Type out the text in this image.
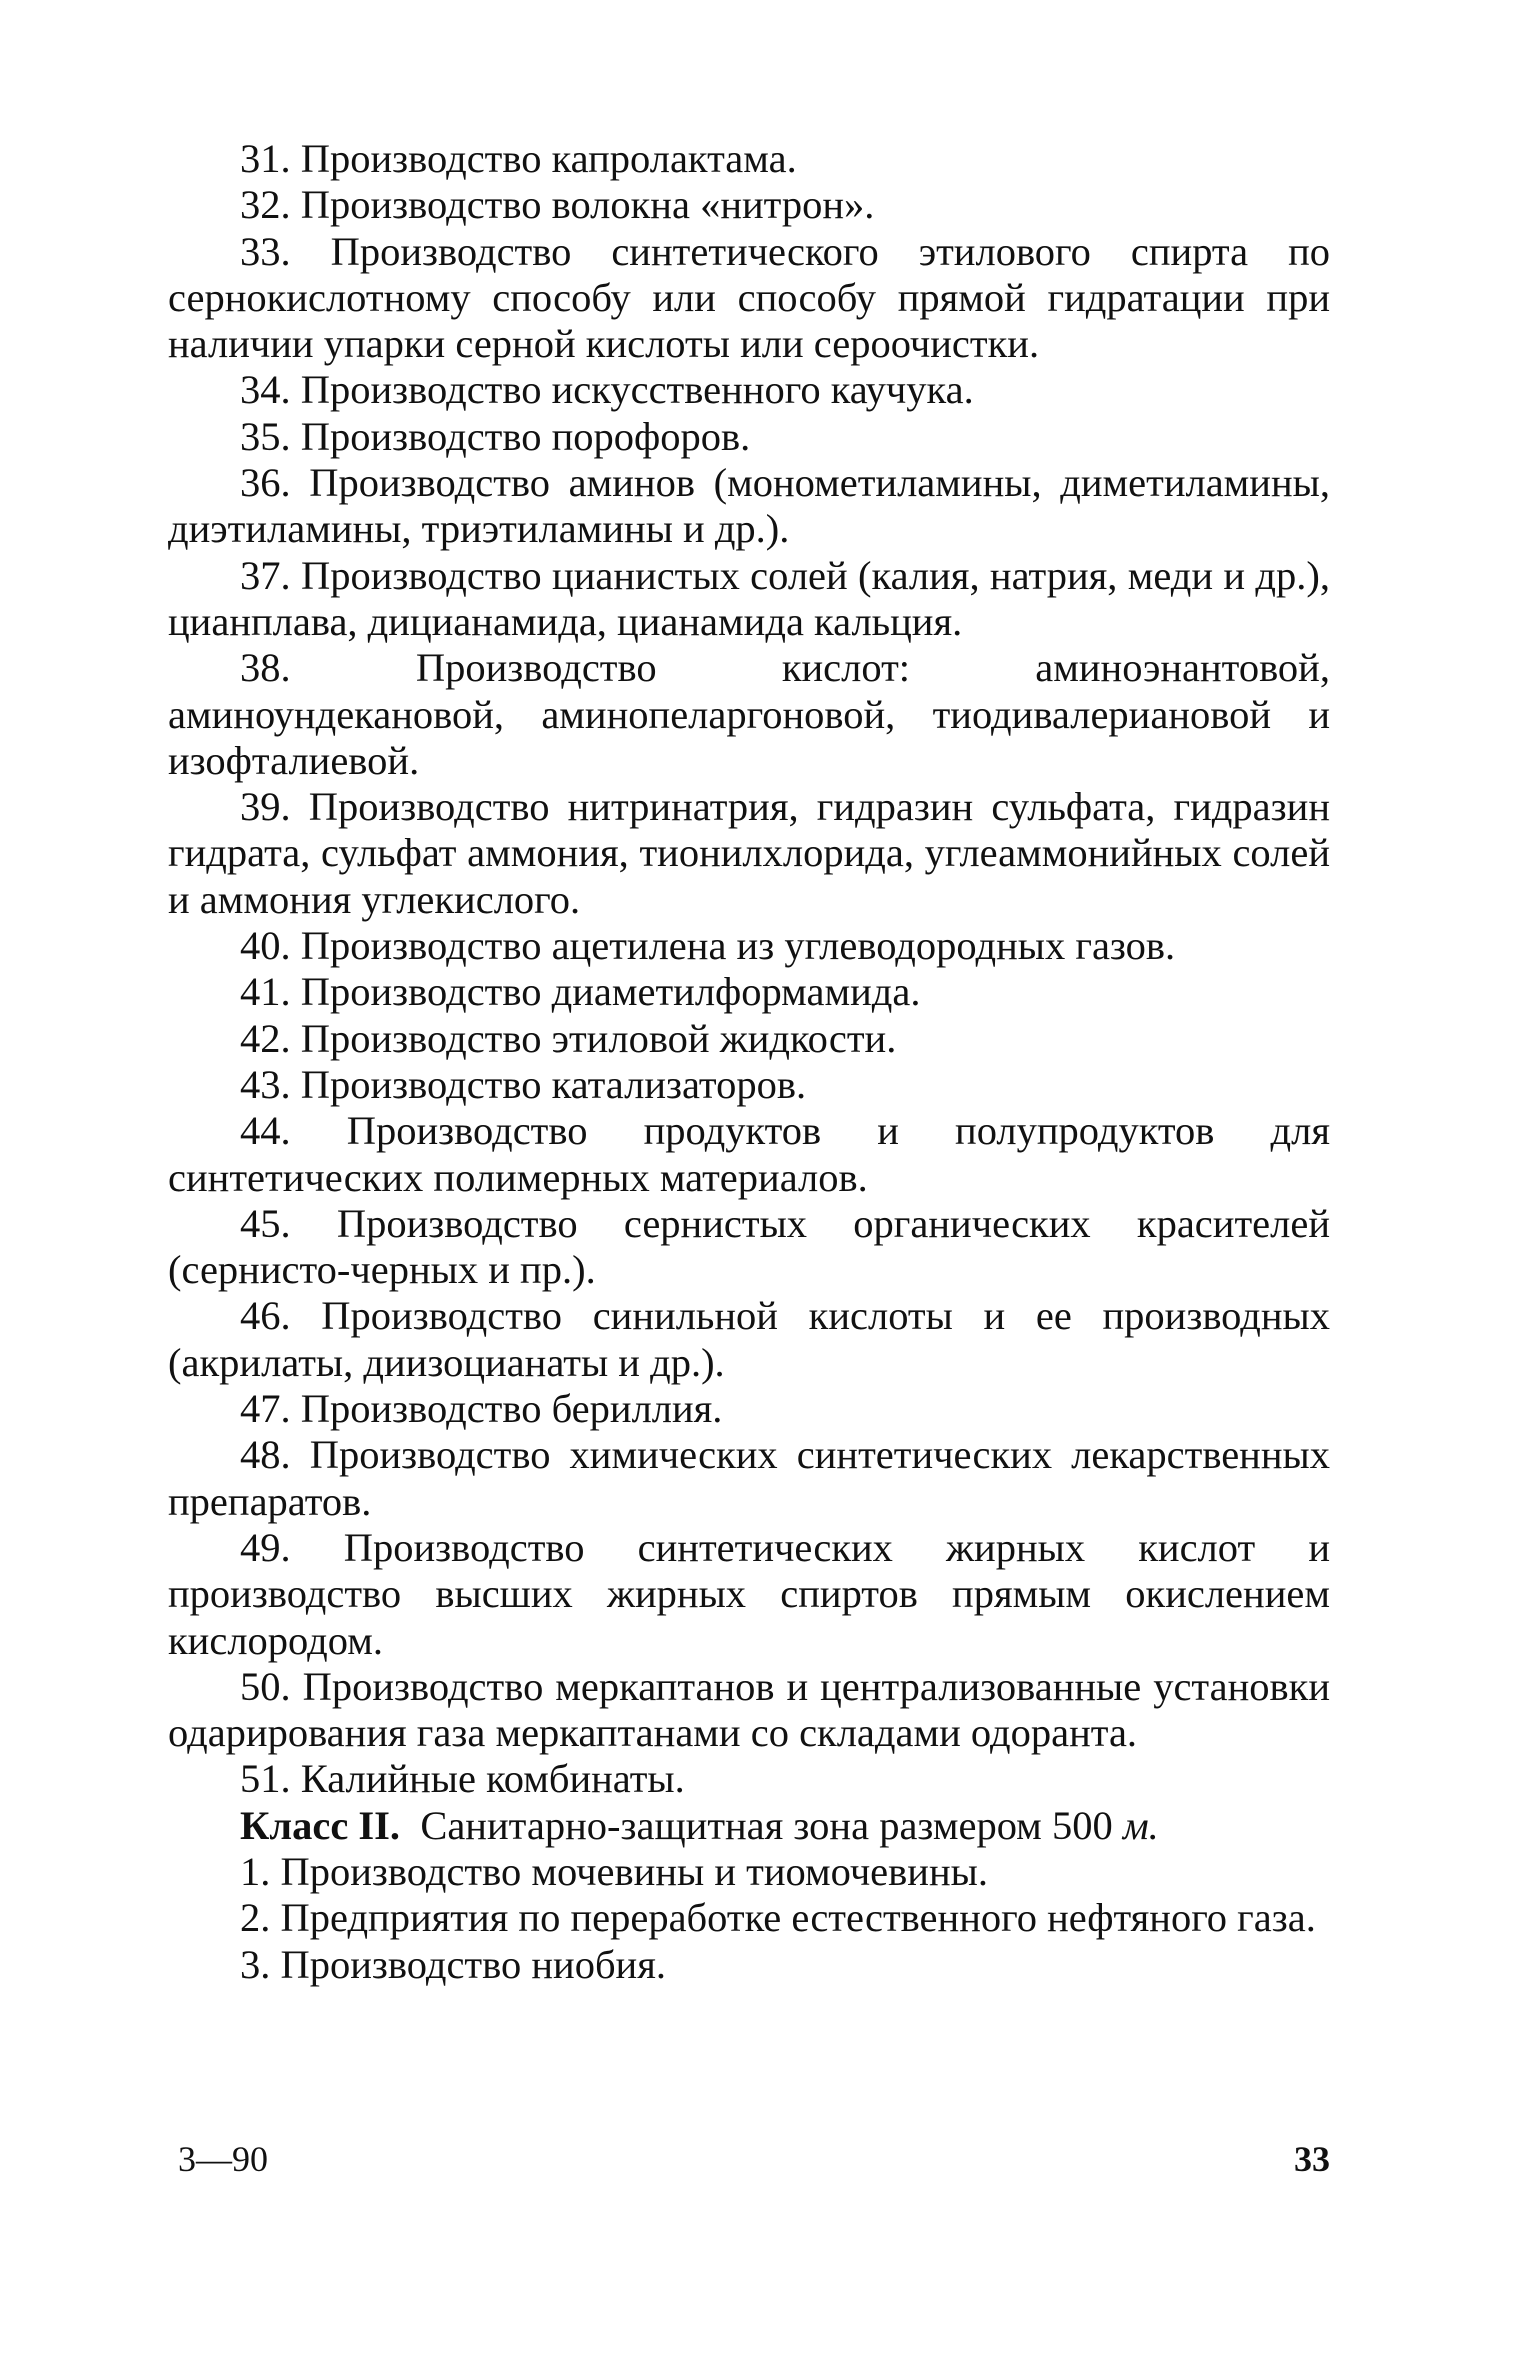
31. Производство капролактама.

32. Производство волокна «нитрон».

33. Производство синтетического этилового спирта по сернокислотному способу или способу прямой гидратации при наличии упарки серной кислоты или сероочистки.

34. Производство искусственного каучука.

35. Производство порофоров.

36. Производство аминов (монометиламины, диметиламины, диэтиламины, триэтиламины и др.).

37. Производство цианистых солей (калия, натрия, меди и др.), цианплава, дицианамида, цианамида кальция.

38. Производство кислот: аминоэнантовой, аминоундекановой, аминопеларгоновой, тиодивалериановой и изофталиевой.

39. Производство нитринатрия, гидразин сульфата, гидразин гидрата, сульфат аммония, тионилхлорида, углеаммонийных солей и аммония углекислого.

40. Производство ацетилена из углеводородных газов.

41. Производство диаметилформамида.

42. Производство этиловой жидкости.

43. Производство катализаторов.

44. Производство продуктов и полупродуктов для синтетических полимерных материалов.

45. Производство сернистых органических красителей (сернисто-черных и пр.).

46. Производство синильной кислоты и ее производных (акрилаты, диизоцианаты и др.).

47. Производство бериллия.

48. Производство химических синтетических лекарственных препаратов.

49. Производство синтетических жирных кислот и производство высших жирных спиртов прямым окислением кислородом.

50. Производство меркаптанов и централизованные установки одарирования газа меркаптанами со складами одоранта.

51. Калийные комбинаты.

Класс II. Санитарно-защитная зона размером 500 м.

1. Производство мочевины и тиомочевины.

2. Предприятия по переработке естественного нефтяного газа.

3. Производство ниобия.

3—90	33
